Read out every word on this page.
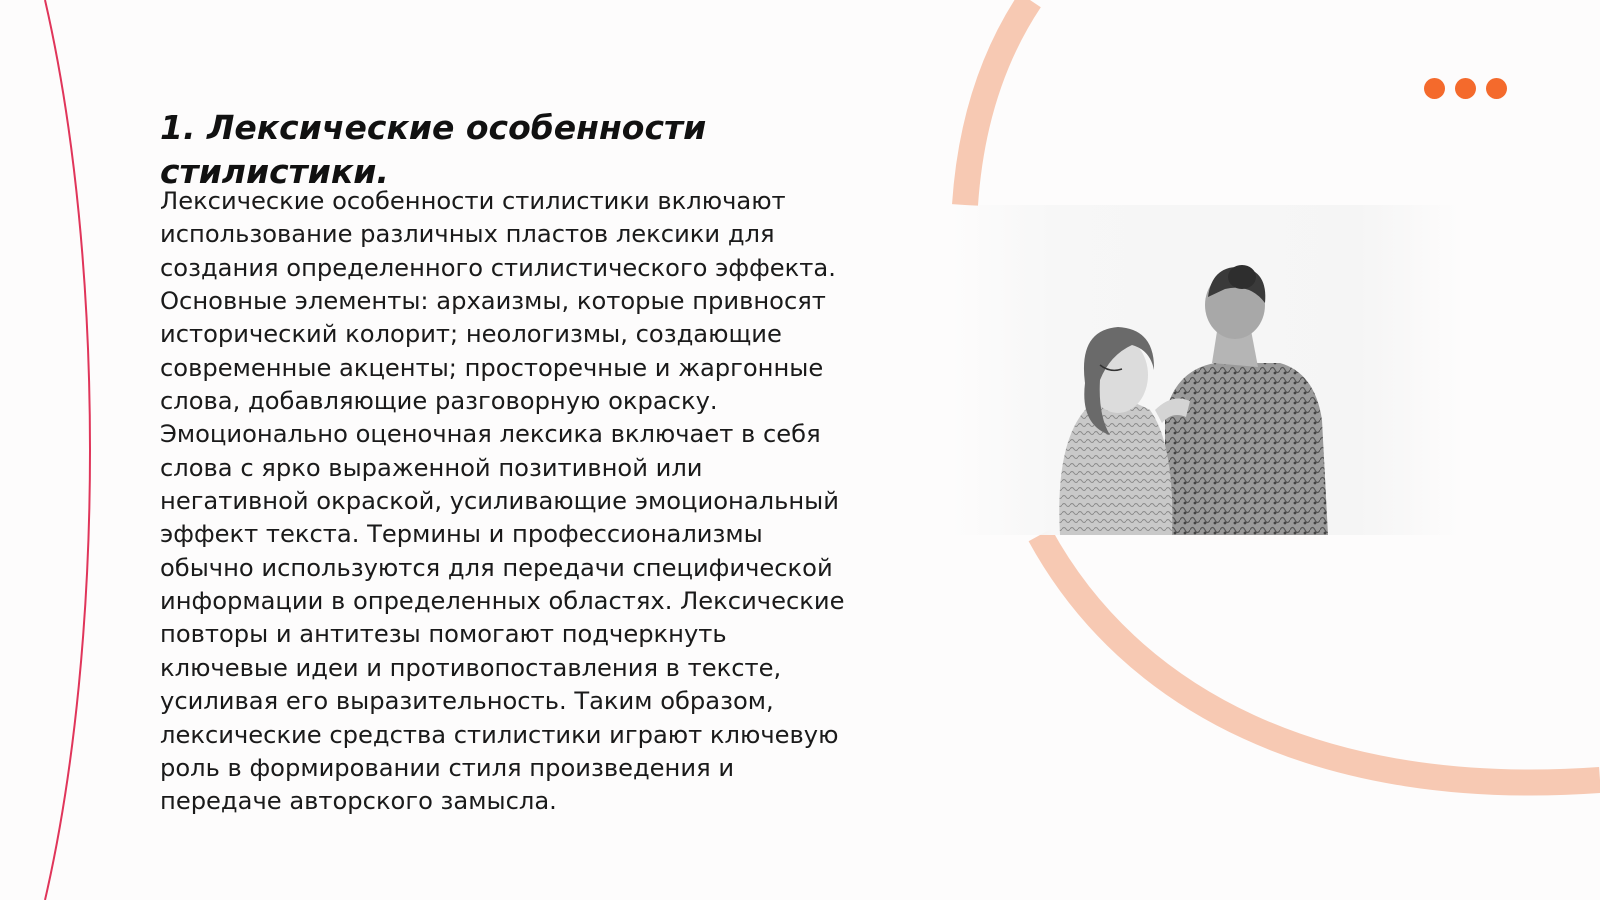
1. Лексические особенности стилистики.

Лексические особенности стилистики включают использование различных пластов лексики для создания определенного стилистического эффекта. Основные элементы: архаизмы, которые привносят исторический колорит; неологизмы, создающие современные акценты; просторечные и жаргонные слова, добавляющие разговорную окраску. Эмоционально оценочная лексика включает в себя слова с ярко выраженной позитивной или негативной окраской, усиливающие эмоциональный эффект текста. Термины и профессионализмы обычно используются для передачи специфической информации в определенных областях. Лексические повторы и антитезы помогают подчеркнуть ключевые идеи и противопоставления в тексте, усиливая его выразительность. Таким образом, лексические средства стилистики играют ключевую роль в формировании стиля произведения и передаче авторского замысла.
